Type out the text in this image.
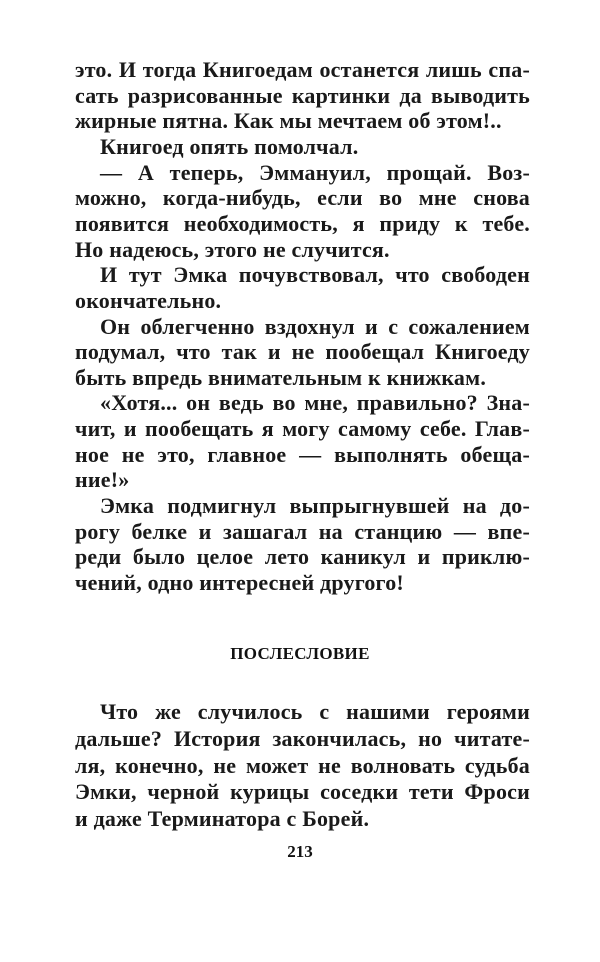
это. И тогда Книгоедам останется лишь спа-
сать разрисованные картинки да выводить
жирные пятна. Как мы мечтаем об этом!..
Книгоед опять помолчал.
— А теперь, Эммануил, прощай. Воз-
можно, когда-нибудь, если во мне снова
появится необходимость, я приду к тебе.
Но надеюсь, этого не случится.
И тут Эмка почувствовал, что свободен
окончательно.
Он облегченно вздохнул и с сожалением
подумал, что так и не пообещал Книгоеду
быть впредь внимательным к книжкам.
«Хотя... он ведь во мне, правильно? Зна-
чит, и пообещать я могу самому себе. Глав-
ное не это, главное — выполнять обеща-
ние!»
Эмка подмигнул выпрыгнувшей на до-
рогу белке и зашагал на станцию — впе-
реди было целое лето каникул и приклю-
чений, одно интересней другого!
ПОСЛЕСЛОВИЕ
Что же случилось с нашими героями
дальше? История закончилась, но читате-
ля, конечно, не может не волновать судьба
Эмки, черной курицы соседки тети Фроси
и даже Терминатора с Борей.
213
